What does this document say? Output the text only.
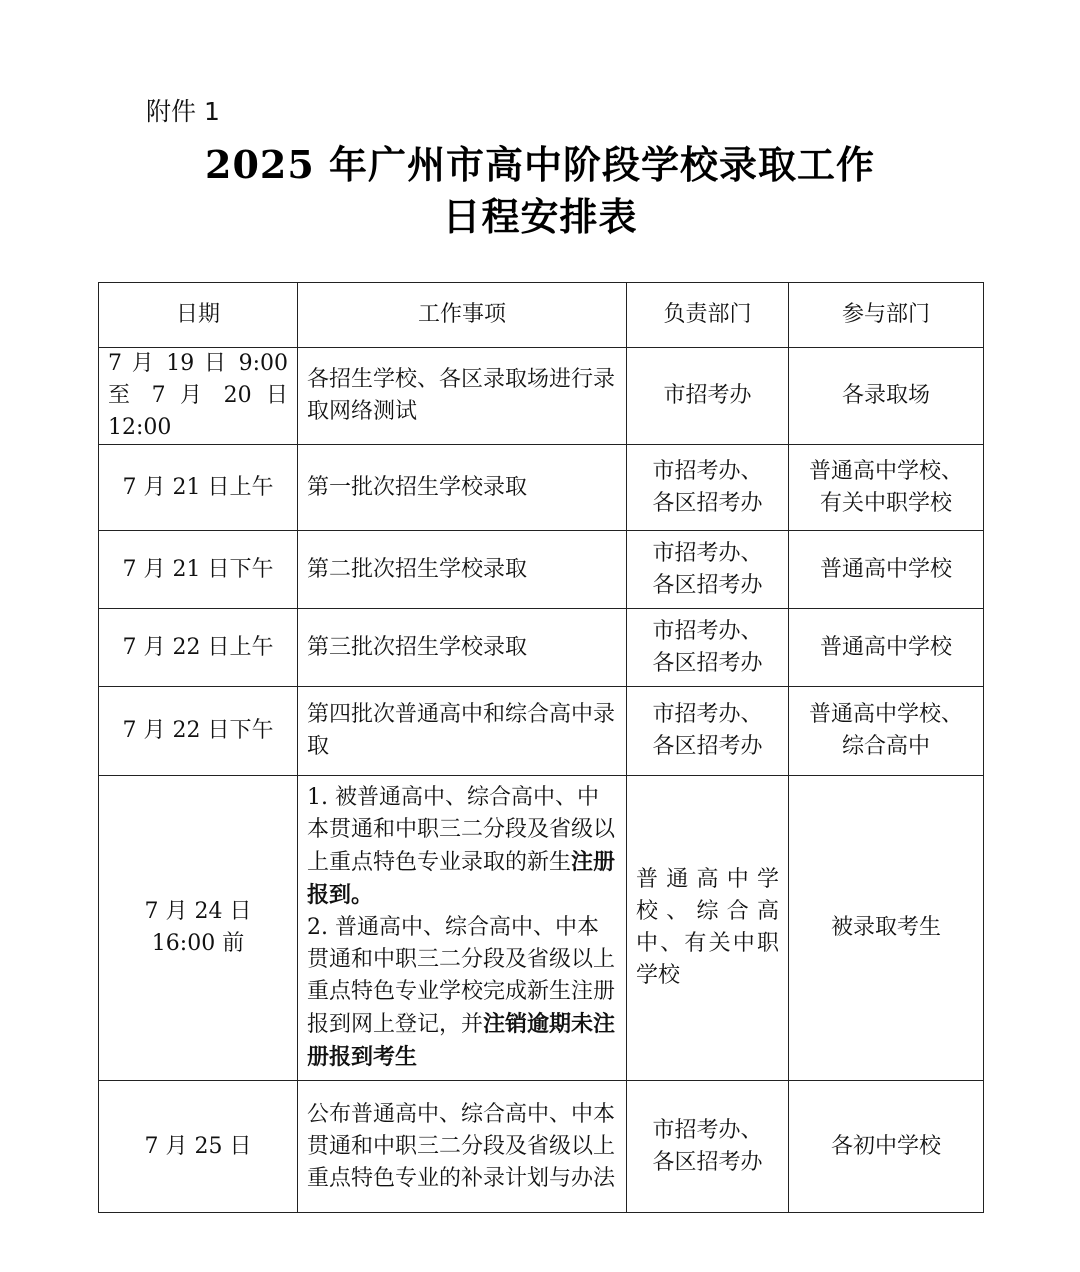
附件 1
2025 年广州市高中阶段学校录取工作
日程安排表
日期	工作事项	负责部门	参与部门

7 月 19 日 9:00
至 7 月 20 日
12:00	各招生学校、各区录取场进行录取网络测试	市招考办	各录取场

7 月 21 日上午	第一批次招生学校录取	市招考办、
各区招考办	普通高中学校、
有关中职学校

7 月 21 日下午	第二批次招生学校录取	市招考办、
各区招考办	普通高中学校

7 月 22 日上午	第三批次招生学校录取	市招考办、
各区招考办	普通高中学校

7 月 22 日下午	第四批次普通高中和综合高中录取	市招考办、
各区招考办	普通高中学校、
综合高中

7 月 24 日
16:00 前	1. 被普通高中、综合高中、中本贯通和中职三二分段及省级以上重点特色专业录取的新生注册报到。
2. 普通高中、综合高中、中本贯通和中职三二分段及省级以上重点特色专业学校完成新生注册报到网上登记，并注销逾期未注册报到考生	普通高中学
校、综合高
中、有关中职
学校	被录取考生

7 月 25 日	公布普通高中、综合高中、中本贯通和中职三二分段及省级以上重点特色专业的补录计划与办法	市招考办、
各区招考办	各初中学校
